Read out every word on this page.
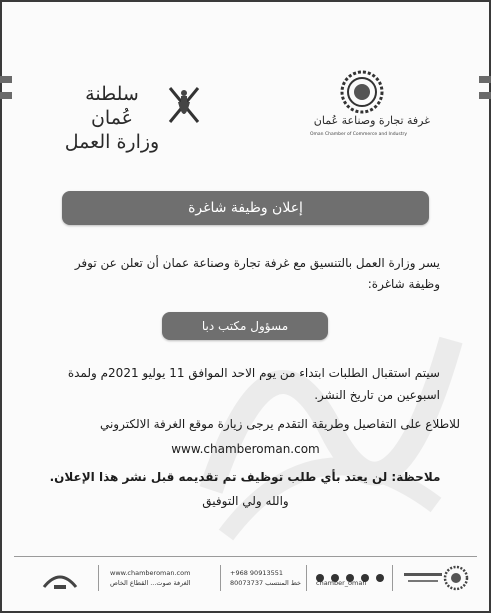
سلطنة عُمان
وزارة العمل
غرفة تجارة وصناعة عُمان
Oman Chamber of Commerce and Industry
إعلان وظيفة شاغرة
يسر وزارة العمل بالتنسيق مع غرفة تجارة وصناعة عمان أن تعلن عن توفر وظيفة شاغرة:
مسؤول مكتب دبا
سيتم استقبال الطلبات ابتداء من يوم الاحد الموافق 11 يوليو 2021م ولمدة اسبوعين من تاريخ النشر.
للاطلاع على التفاصيل وطريقة التقدم يرجى زيارة موقع الغرفة الالكتروني
www.chamberoman.com
ملاحظة: لن يعتد بأي طلب توظيف تم تقديمه قبل نشر هذا الإعلان.
والله ولي التوفيق
www.chamberoman.com
الغرفة صوت... القطاع الخاص
+968 90913551
خط المنتسب 80073737
chamber_oman
